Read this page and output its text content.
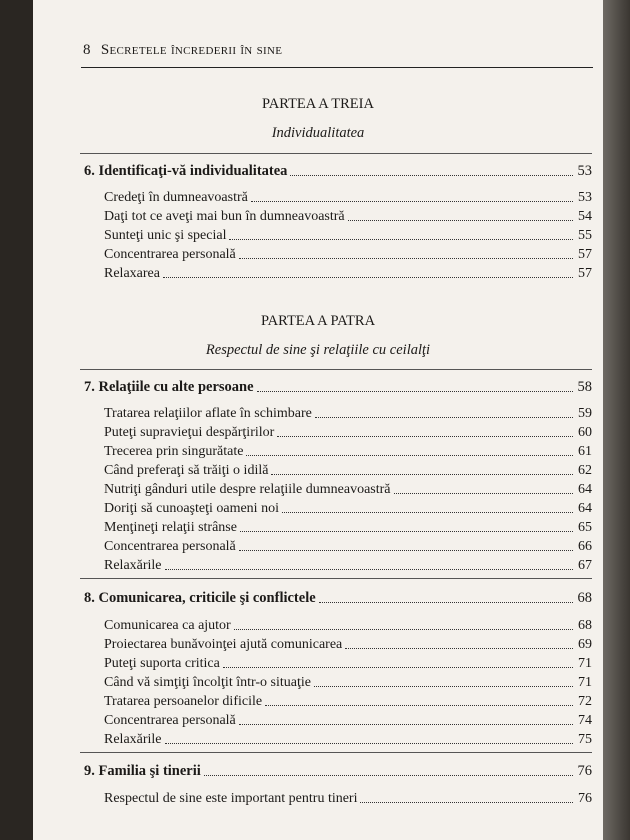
8 Secretele încrederii în sine
PARTEA A TREIA
Individualitatea
6. Identificaţi-vă individualitatea	53
Credeţi în dumneavoastră	53
Daţi tot ce aveţi mai bun în dumneavoastră	54
Sunteţi unic şi special	55
Concentrarea personală	57
Relaxarea	57
PARTEA A PATRA
Respectul de sine şi relaţiile cu ceilalţi
7. Relaţiile cu alte persoane	58
Tratarea relaţiilor aflate în schimbare	59
Puteţi supravieţui despărţirilor	60
Trecerea prin singurătate	61
Când preferaţi să trăiţi o idilă	62
Nutriţi gânduri utile despre relaţiile dumneavoastră	64
Doriţi să cunoaşteţi oameni noi	64
Menţineţi relaţii strânse	65
Concentrarea personală	66
Relaxările	67
8. Comunicarea, criticile şi conflictele	68
Comunicarea ca ajutor	68
Proiectarea bunăvoinţei ajută comunicarea	69
Puteţi suporta critica	71
Când vă simţiţi încolţit într-o situaţie	71
Tratarea persoanelor dificile	72
Concentrarea personală	74
Relaxările	75
9. Familia şi tinerii	76
Respectul de sine este important pentru tineri	76
